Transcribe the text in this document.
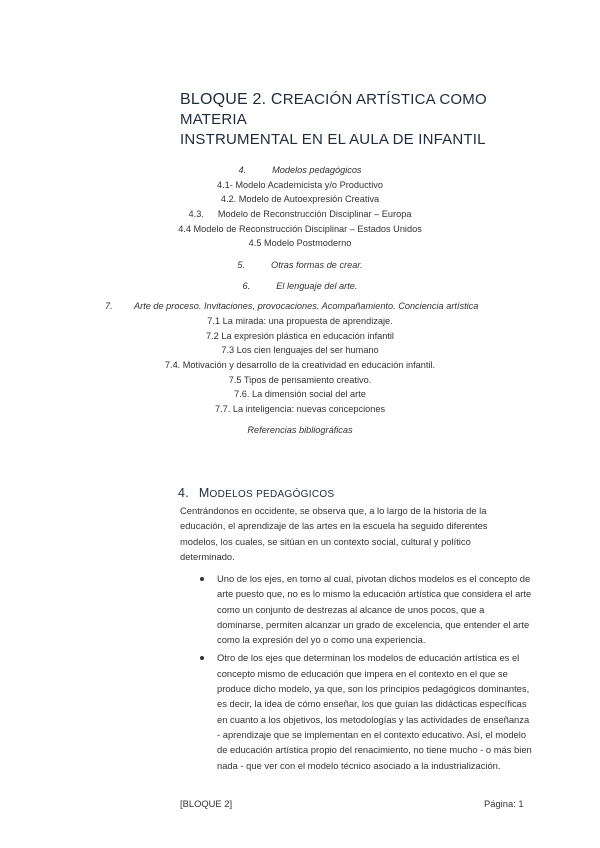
BLOQUE 2. CREACIÓN ARTÍSTICA COMO MATERIA
INSTRUMENTAL EN EL AULA DE INFANTIL
4.	Modelos pedagógicos
4.1- Modelo Academicista y/o Productivo
4.2. Modelo de Autoexpresión Creativa
4.3. Modelo de Reconstrucción Disciplinar – Europa
4.4 Modelo de Reconstrucción Disciplinar – Estados Unidos
4.5 Modelo Postmoderno
5.	Otras formas de crear.
6.	El lenguaje del arte.
7. Arte de proceso. Invitaciones, provocaciones. Acompañamiento. Conciencia artística
7.1 La mirada: una propuesta de aprendizaje.
7.2 La expresión plástica en educación infantil
7.3 Los cien lenguajes del ser humano
7.4. Motivación y desarrollo de la creatividad en educación infantil.
7.5 Tipos de pensamiento creativo.
7.6. La dimensión social del arte
7.7. La inteligencia: nuevas concepciones
Referencias bibliográficas
4. MODELOS PEDAGÓGICOS
Centrándonos en occidente, se observa que, a lo largo de la historia de la educación, el aprendizaje de las artes en la escuela ha seguido diferentes modelos, los cuales, se sitúan en un contexto social, cultural y político determinado.
Uno de los ejes, en torno al cual, pivotan dichos modelos es el concepto de arte puesto que, no es lo mismo la educación artística que considera el arte como un conjunto de destrezas al alcance de unos pocos, que a dominarse, permiten alcanzar un grado de excelencia, que entender el arte como la expresión del yo o como una experiencia.
Otro de los ejes que determinan los modelos de educación artística es el concepto mismo de educación que impera en el contexto en el que se produce dicho modelo, ya que, son los principios pedagógicos dominantes, es decir, la idea de cómo enseñar, los que guían las didácticas específicas en cuanto a los objetivos, los metodologías y las actividades de enseñanza - aprendizaje que se implementan en el contexto educativo. Así, el modelo de educación artística propio del renacimiento, no tiene mucho - o más bien nada - que ver con el modelo técnico asociado a la industrialización.
[BLOQUE 2]	Página: 1
